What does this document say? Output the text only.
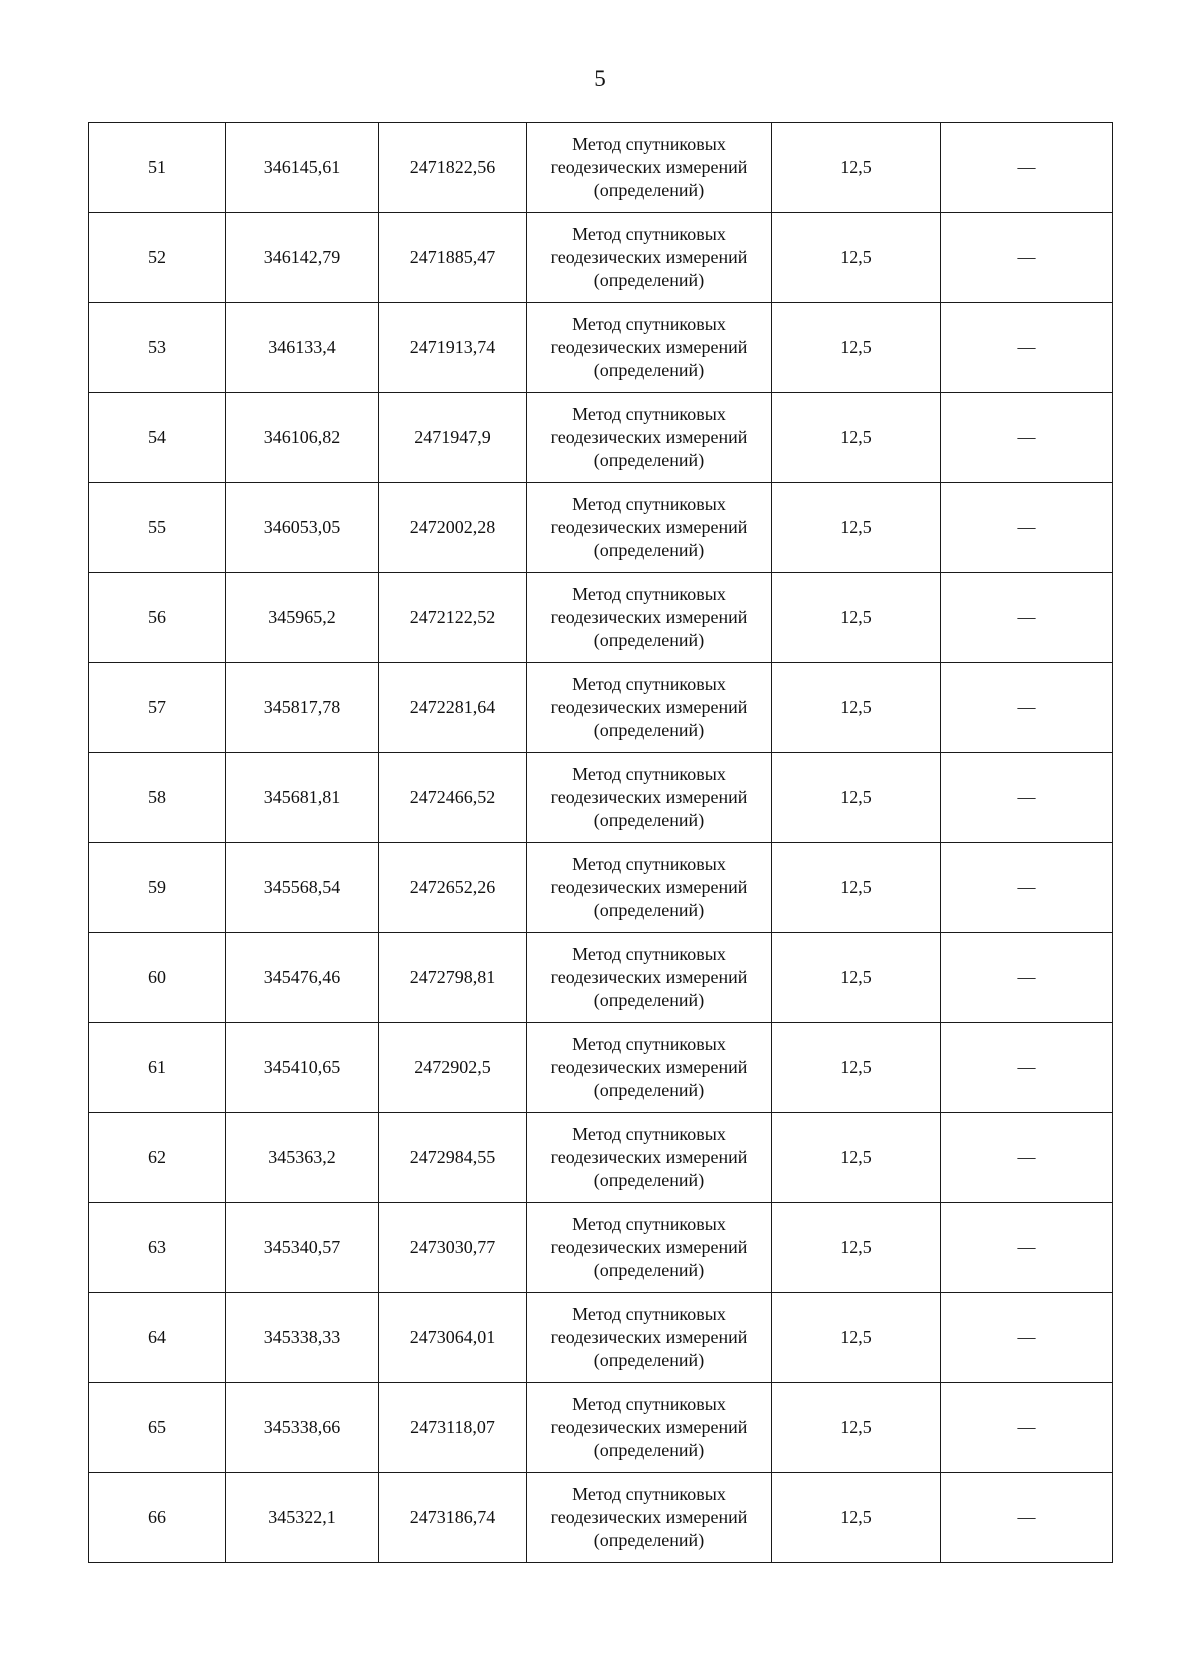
5
51	346145,61	2471822,56	Метод спутниковых
геодезических измерений
(определений)	12,5	—
52	346142,79	2471885,47	Метод спутниковых
геодезических измерений
(определений)	12,5	—
53	346133,4	2471913,74	Метод спутниковых
геодезических измерений
(определений)	12,5	—
54	346106,82	2471947,9	Метод спутниковых
геодезических измерений
(определений)	12,5	—
55	346053,05	2472002,28	Метод спутниковых
геодезических измерений
(определений)	12,5	—
56	345965,2	2472122,52	Метод спутниковых
геодезических измерений
(определений)	12,5	—
57	345817,78	2472281,64	Метод спутниковых
геодезических измерений
(определений)	12,5	—
58	345681,81	2472466,52	Метод спутниковых
геодезических измерений
(определений)	12,5	—
59	345568,54	2472652,26	Метод спутниковых
геодезических измерений
(определений)	12,5	—
60	345476,46	2472798,81	Метод спутниковых
геодезических измерений
(определений)	12,5	—
61	345410,65	2472902,5	Метод спутниковых
геодезических измерений
(определений)	12,5	—
62	345363,2	2472984,55	Метод спутниковых
геодезических измерений
(определений)	12,5	—
63	345340,57	2473030,77	Метод спутниковых
геодезических измерений
(определений)	12,5	—
64	345338,33	2473064,01	Метод спутниковых
геодезических измерений
(определений)	12,5	—
65	345338,66	2473118,07	Метод спутниковых
геодезических измерений
(определений)	12,5	—
66	345322,1	2473186,74	Метод спутниковых
геодезических измерений
(определений)	12,5	—
